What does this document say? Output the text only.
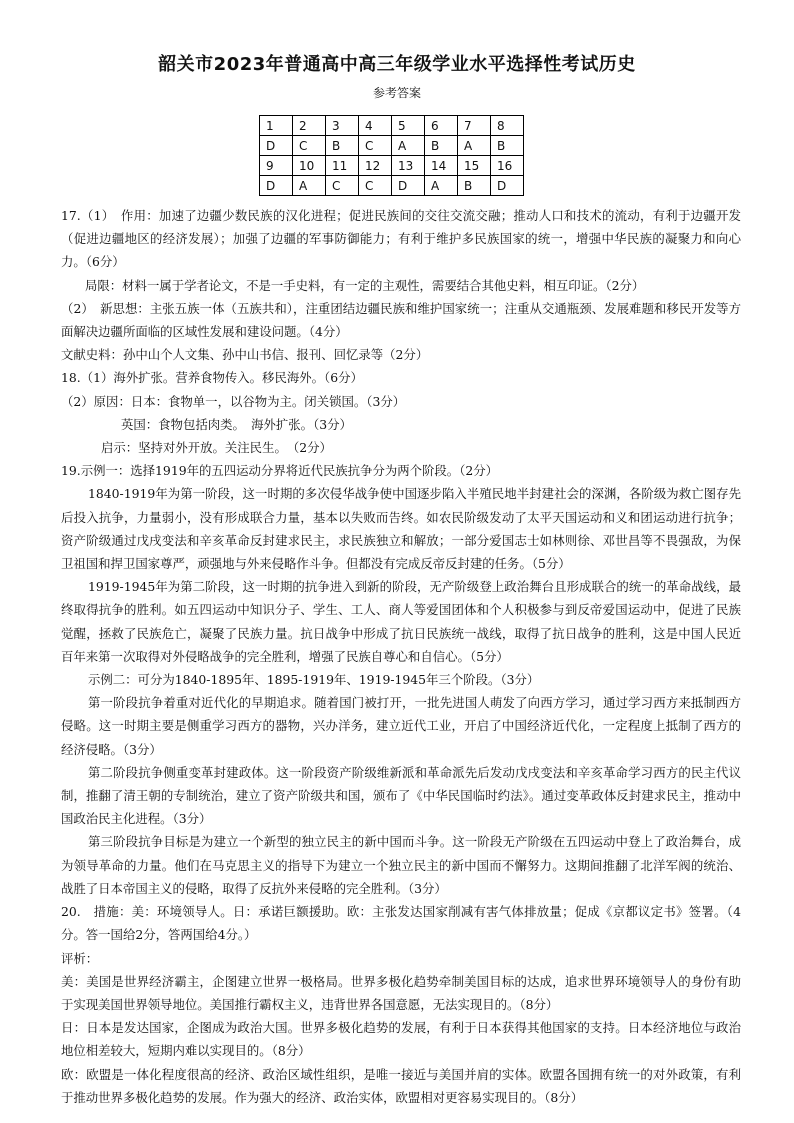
韶关市2023年普通高中高三年级学业水平选择性考试历史
参考答案
1	2	3	4	5	6	7	8
D	C	B	C	A	B	A	B
9	10	11	12	13	14	15	16
D	A	C	C	D	A	B	D

17.（1）　作用：加速了边疆少数民族的汉化进程；促进民族间的交往交流交融；推动人口和技术的流动，有利于边疆开发（促进边疆地区的经济发展）；加强了边疆的军事防御能力；有利于维护多民族国家的统一，增强中华民族的凝聚力和向心力。（6分）

局限：材料一属于学者论文，不是一手史料，有一定的主观性，需要结合其他史料，相互印证。（2分）

（2）　新思想：主张五族一体（五族共和），注重团结边疆民族和维护国家统一；注重从交通瓶颈、发展难题和移民开发等方面解决边疆所面临的区域性发展和建设问题。（4分）

文献史料：孙中山个人文集、孙中山书信、报刊、回忆录等（2分）

18.（1）海外扩张。营养食物传入。移民海外。（6分）

（2）原因：日本：食物单一，以谷物为主。闭关锁国。（3分）

英国：食物包括肉类。　海外扩张。（3分）

启示：坚持对外开放。关注民生。　（2分）

19.示例一：选择1919年的五四运动分界将近代民族抗争分为两个阶段。（2分）

1840-1919年为第一阶段，这一时期的多次侵华战争使中国逐步陷入半殖民地半封建社会的深渊，各阶级为救亡图存先后投入抗争，力量弱小，没有形成联合力量，基本以失败而告终。如农民阶级发动了太平天国运动和义和团运动进行抗争；资产阶级通过戊戌变法和辛亥革命反封建求民主，求民族独立和解放；一部分爱国志士如林则徐、邓世昌等不畏强敌，为保卫祖国和捍卫国家尊严，顽强地与外来侵略作斗争。但都没有完成反帝反封建的任务。（5分）

1919-1945年为第二阶段，这一时期的抗争进入到新的阶段，无产阶级登上政治舞台且形成联合的统一的革命战线，最终取得抗争的胜利。如五四运动中知识分子、学生、工人、商人等爱国团体和个人积极参与到反帝爱国运动中，促进了民族觉醒，拯救了民族危亡，凝聚了民族力量。抗日战争中形成了抗日民族统一战线，取得了抗日战争的胜利，这是中国人民近百年来第一次取得对外侵略战争的完全胜利，增强了民族自尊心和自信心。（5分）

示例二：可分为1840-1895年、1895-1919年、1919-1945年三个阶段。（3分）

第一阶段抗争着重对近代化的早期追求。随着国门被打开，一批先进国人萌发了向西方学习，通过学习西方来抵制西方侵略。这一时期主要是侧重学习西方的器物，兴办洋务，建立近代工业，开启了中国经济近代化，一定程度上抵制了西方的经济侵略。（3分）

第二阶段抗争侧重变革封建政体。这一阶段资产阶级维新派和革命派先后发动戊戌变法和辛亥革命学习西方的民主代议制，推翻了清王朝的专制统治，建立了资产阶级共和国，颁布了《中华民国临时约法》。通过变革政体反封建求民主，推动中国政治民主化进程。（3分）

第三阶段抗争目标是为建立一个新型的独立民主的新中国而斗争。这一阶段无产阶级在五四运动中登上了政治舞台，成为领导革命的力量。他们在马克思主义的指导下为建立一个独立民主的新中国而不懈努力。这期间推翻了北洋军阀的统治、战胜了日本帝国主义的侵略，取得了反抗外来侵略的完全胜利。（3分）

20.　措施：美：环境领导人。日：承诺巨额援助。欧：主张发达国家削减有害气体排放量；促成《京都议定书》签署。（4分。答一国给2分，答两国给4分。）

评析：

美：美国是世界经济霸主，企图建立世界一极格局。世界多极化趋势牵制美国目标的达成，追求世界环境领导人的身份有助于实现美国世界领导地位。美国推行霸权主义，违背世界各国意愿，无法实现目的。（8分）

日：日本是发达国家，企图成为政治大国。世界多极化趋势的发展，有利于日本获得其他国家的支持。日本经济地位与政治地位相差较大，短期内难以实现目的。（8分）

欧：欧盟是一体化程度很高的经济、政治区域性组织，是唯一接近与美国并肩的实体。欧盟各国拥有统一的对外政策，有利于推动世界多极化趋势的发展。作为强大的经济、政治实体，欧盟相对更容易实现目的。（8分）
